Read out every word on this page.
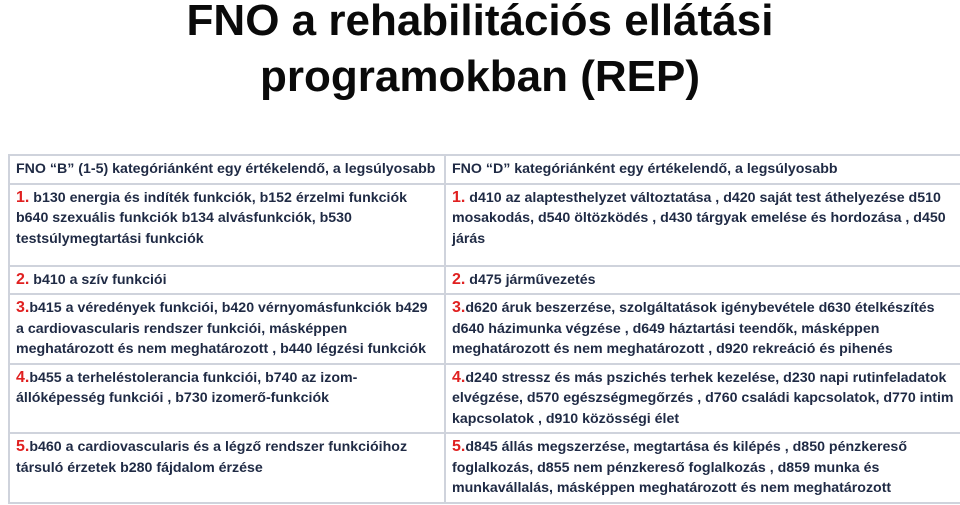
FNO a rehabilitációs ellátási
programokban (REP)
FNO “B” (1-5) kategóriánként egy értékelendő, a legsúlyosabb	FNO “D” kategóriánként egy értékelendő, a legsúlyosabb
1. b130 energia és indíték funkciók, b152 érzelmi funkciók b640 szexuális funkciók b134 alvásfunkciók, b530 testsúlymegtartási funkciók	1. d410 az alaptesthelyzet változtatása , d420 saját test áthelyezése d510 mosakodás, d540 öltözködés , d430 tárgyak emelése és hordozása , d450 járás
2. b410 a szív funkciói	2. d475 járművezetés
3.b415 a véredények funkciói, b420 vérnyomásfunkciók b429 a cardiovascularis rendszer funkciói, másképpen meghatározott és nem meghatározott , b440 légzési funkciók	3.d620 áruk beszerzése, szolgáltatások igénybevétele d630 ételkészítés d640 házimunka végzése , d649 háztartási teendők, másképpen meghatározott és nem meghatározott , d920 rekreáció és pihenés
4.b455 a terheléstolerancia funkciói, b740 az izom-állóképesség funkciói , b730 izomerő-funkciók	4.d240 stressz és más pszichés terhek kezelése, d230 napi rutinfeladatok elvégzése, d570 egészségmegőrzés , d760 családi kapcsolatok, d770 intim kapcsolatok , d910 közösségi élet
5.b460 a cardiovascularis és a légző rendszer funkcióihoz társuló érzetek b280 fájdalom érzése	5.d845 állás megszerzése, megtartása és kilépés , d850 pénzkereső foglalkozás, d855 nem pénzkereső foglalkozás , d859 munka és munkavállalás, másképpen meghatározott és nem meghatározott
